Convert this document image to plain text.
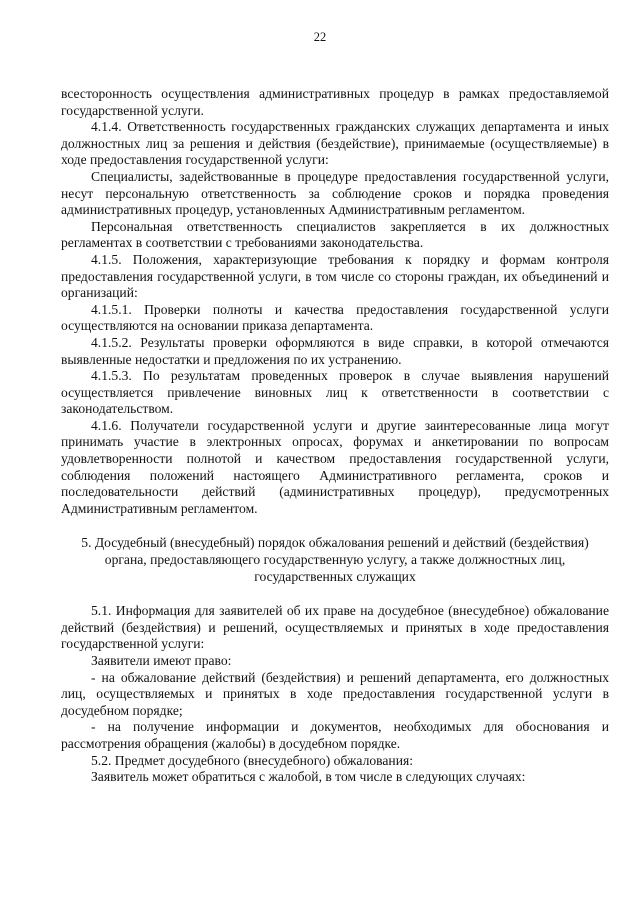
22

всесторонность осуществления административных процедур в рамках предоставляемой государственной услуги.

4.1.4. Ответственность государственных гражданских служащих департамента и иных должностных лиц за решения и действия (бездействие), принимаемые (осуществляемые) в ходе предоставления государственной услуги:

Специалисты, задействованные в процедуре предоставления государственной услуги, несут персональную ответственность за соблюдение сроков и порядка проведения административных процедур, установленных Административным регламентом.

Персональная ответственность специалистов закрепляется в их должностных регламентах в соответствии с требованиями законодательства.

4.1.5. Положения, характеризующие требования к порядку и формам контроля предоставления государственной услуги, в том числе со стороны граждан, их объединений и организаций:

4.1.5.1. Проверки полноты и качества предоставления государственной услуги осуществляются на основании приказа департамента.

4.1.5.2. Результаты проверки оформляются в виде справки, в которой отмечаются выявленные недостатки и предложения по их устранению.

4.1.5.3. По результатам проведенных проверок в случае выявления нарушений осуществляется привлечение виновных лиц к ответственности в соответствии с законодательством.

4.1.6. Получатели государственной услуги и другие заинтересованные лица могут принимать участие в электронных опросах, форумах и анкетировании по вопросам удовлетворенности полнотой и качеством предоставления государственной услуги, соблюдения положений настоящего Административного регламента, сроков и последовательности действий (административных процедур), предусмотренных Административным регламентом.

5. Досудебный (внесудебный) порядок обжалования решений и действий (бездействия) органа, предоставляющего государственную услугу, а также должностных лиц, государственных служащих

5.1. Информация для заявителей об их праве на досудебное (внесудебное) обжалование действий (бездействия) и решений, осуществляемых и принятых в ходе предоставления государственной услуги:

Заявители имеют право:

- на обжалование действий (бездействия) и решений департамента, его должностных лиц, осуществляемых и принятых в ходе предоставления государственной услуги в досудебном порядке;

- на получение информации и документов, необходимых для обоснования и рассмотрения обращения (жалобы) в досудебном порядке.

5.2. Предмет досудебного (внесудебного) обжалования:

Заявитель может обратиться с жалобой, в том числе в следующих случаях:
